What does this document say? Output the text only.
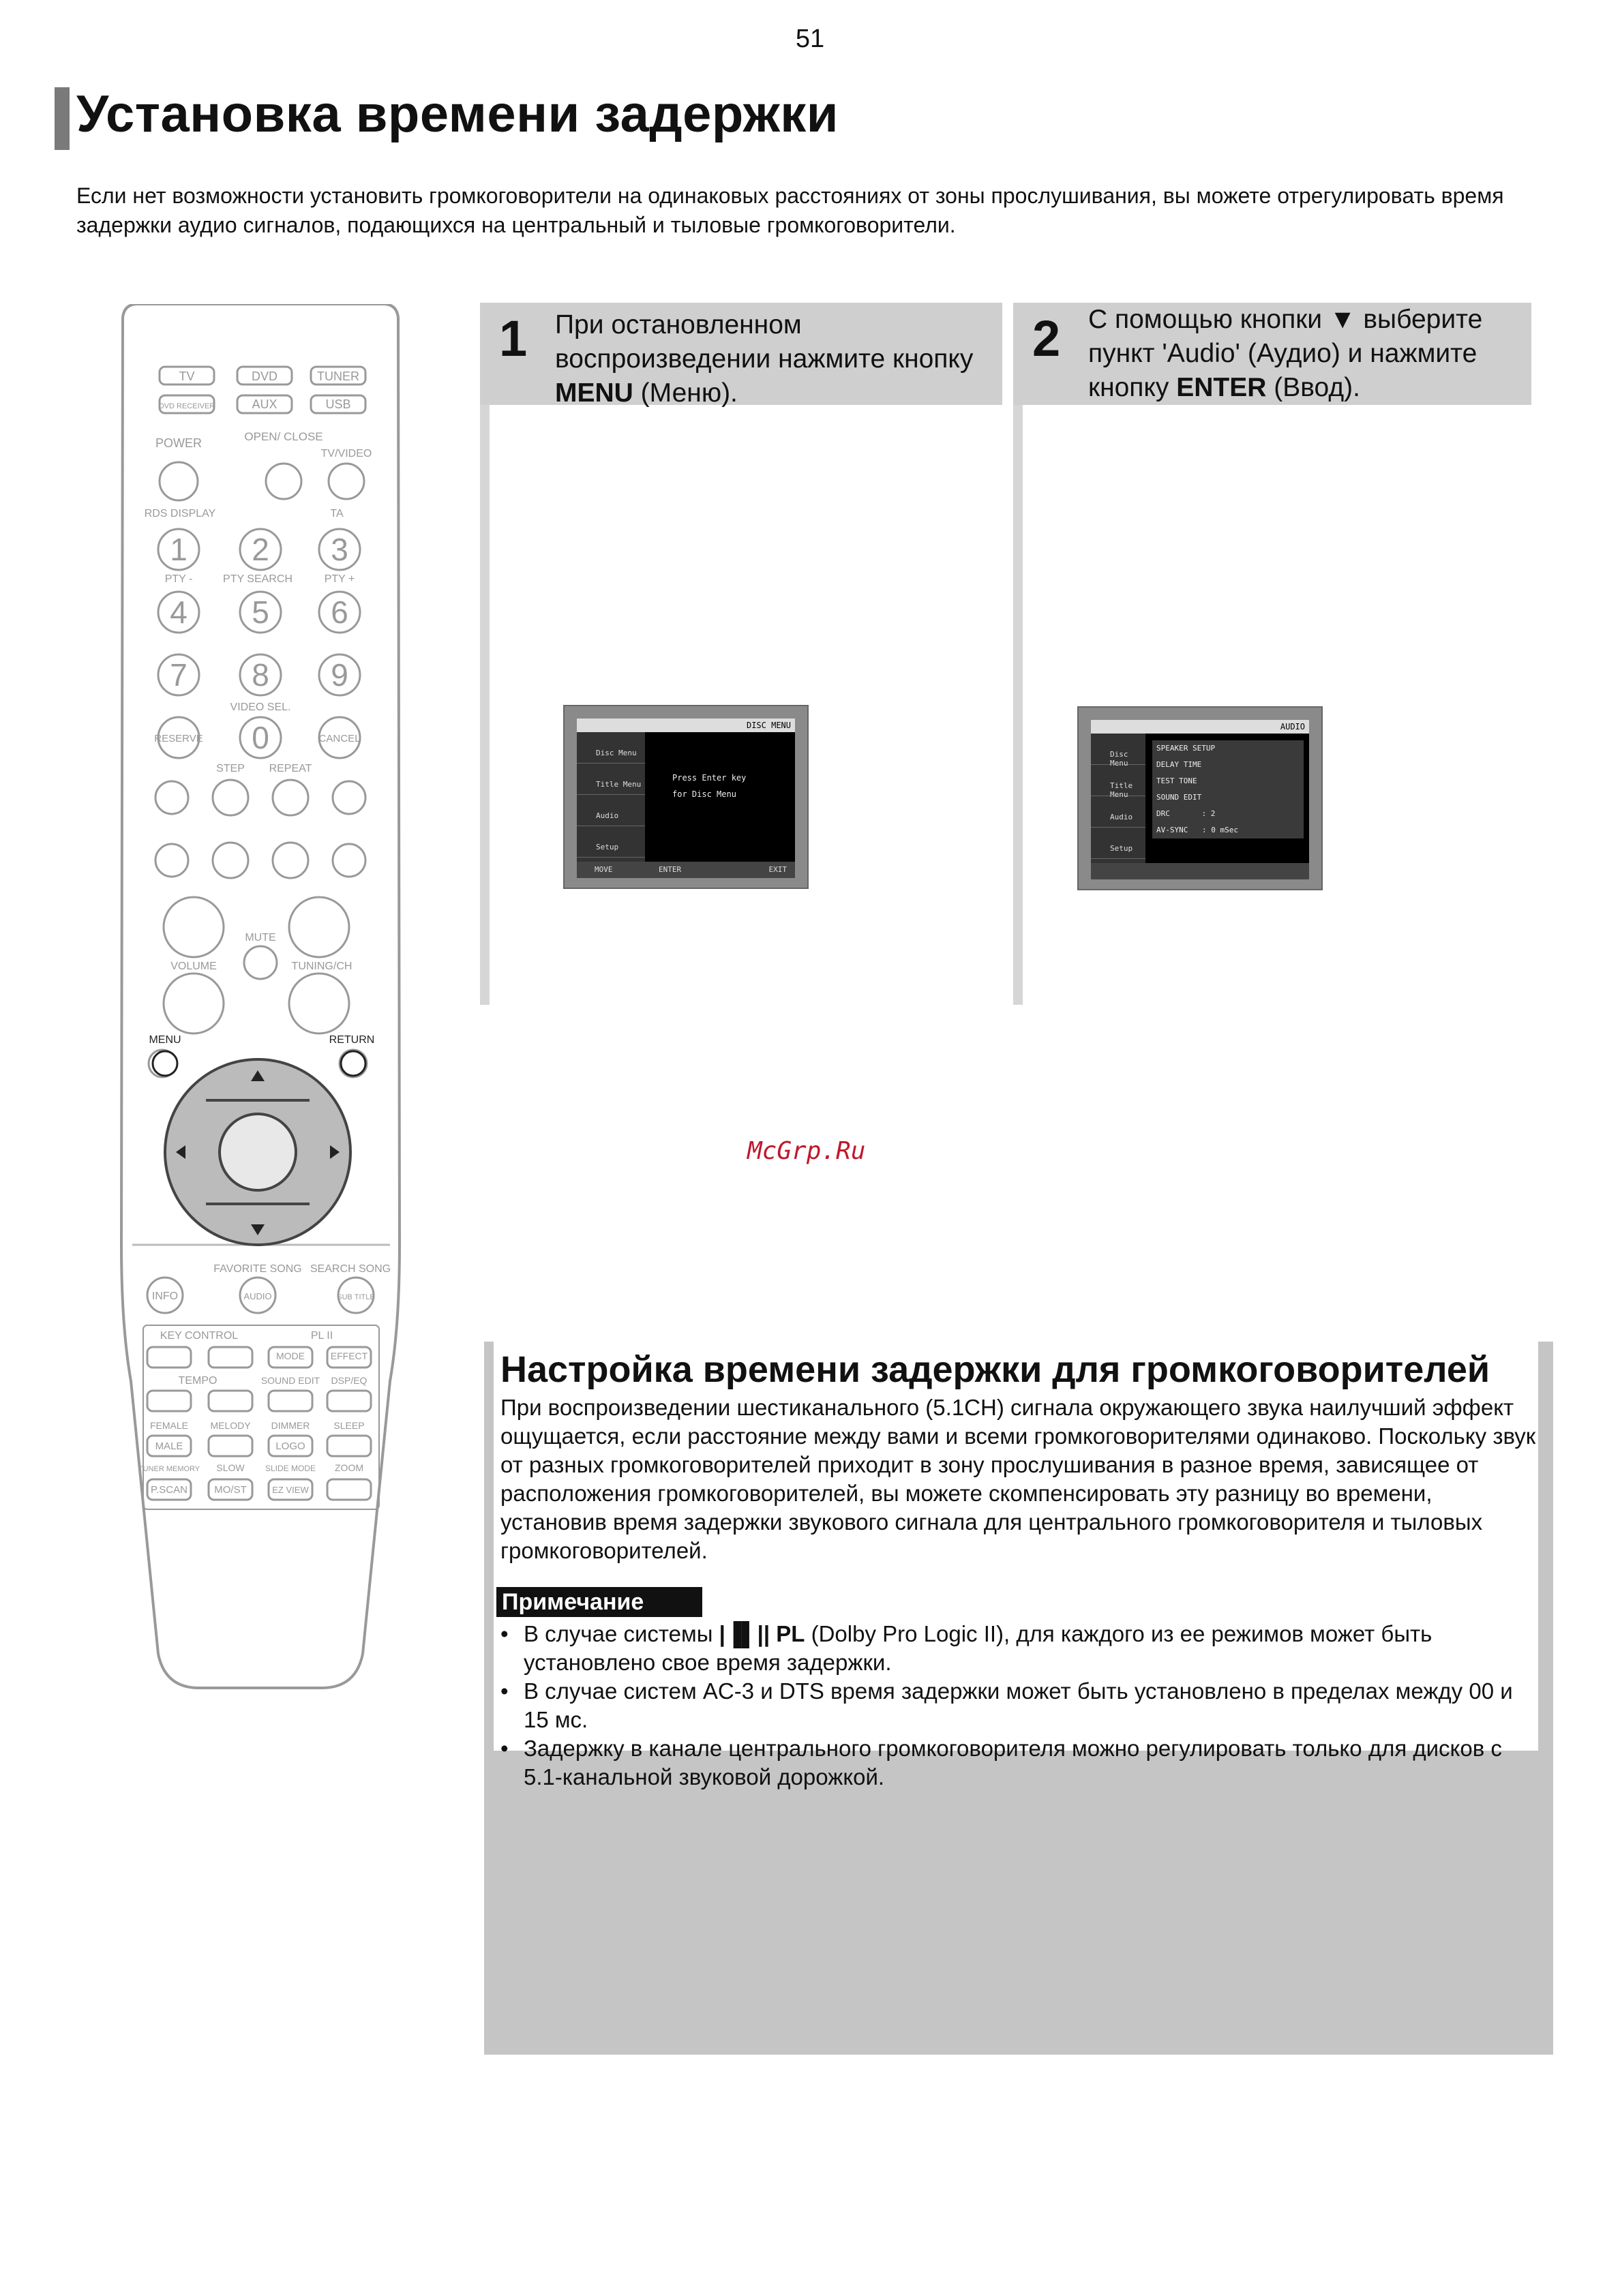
51
Установка времени задержки
Если нет возможности установить громкоговорители на одинаковых расстояниях от зоны прослушивания, вы можете отрегулировать время задержки аудио сигналов, подающихся на центральный и тыловые громкоговорители.
1 При остановленном воспроизведении нажмите кнопку MENU (Меню).
2 С помощью кнопки ▼ выберите пункт 'Audio' (Аудио) и нажмите кнопку ENTER (Ввод).
DISC MENU
Disc Menu
Title Menu
Audio
Setup
Press Enter key
for Disc Menu
MOVE	ENTER	EXIT
AUDIO
Disc Menu
Title Menu
Audio
Setup
SPEAKER SETUP
DELAY TIME
TEST TONE
SOUND EDIT
DRC	: 2
AV-SYNC : 0 mSec
TV	DVD	TUNER
DVD RECEIVER	AUX	USB
POWER	OPEN/ CLOSE
TV/VIDEO
RDS DISPLAY	TA
1 2 3
4 5 6
7 8 9
0
PTY -	PTY SEARCH	PTY +
VIDEO SEL.
RESERVE	CANCEL
STEP REPEAT
MUTE
VOLUME	TUNING/CH
MENU	RETURN
FAVORITE SONG SEARCH SONG
INFO	AUDIO	SUB TITLE
KEY CONTROL	PL II
MODE	EFFECT
TEMPO	SOUND EDIT DSP/EQ
FEMALE MELODY DIMMER	SLEEP
MALE	LOGO
TUNER MEMORY SLOW	SLIDE MODE ZOOM
P.SCAN	MO/ST	EZ VIEW
McGrp.Ru
Настройка времени задержки для громкоговорителей
При воспроизведении шестиканального (5.1CH) сигнала окружающего звука наилучший эффект ощущается, если расстояние между вами и всеми громкоговорителями одинаково. Поскольку звук от разных громкоговорителей приходит в зону прослушивания в разное время, зависящее от расположения громкоговорителей, вы можете скомпенсировать эту разницу во времени, установив время задержки звукового сигнала для центрального громкоговорителя и тыловых громкоговорителей.
Примечание
• В случае системы |▐▌|| PL (Dolby Pro Logic II), для каждого из ее режимов может быть установлено свое время задержки.
• В случае систем AC-3 и DTS время задержки может быть установлено в пределах между 00 и 15 мс.
• Задержку в канале центрального громкоговорителя можно регулировать только для дисков с 5.1-канальной звуковой дорожкой.
